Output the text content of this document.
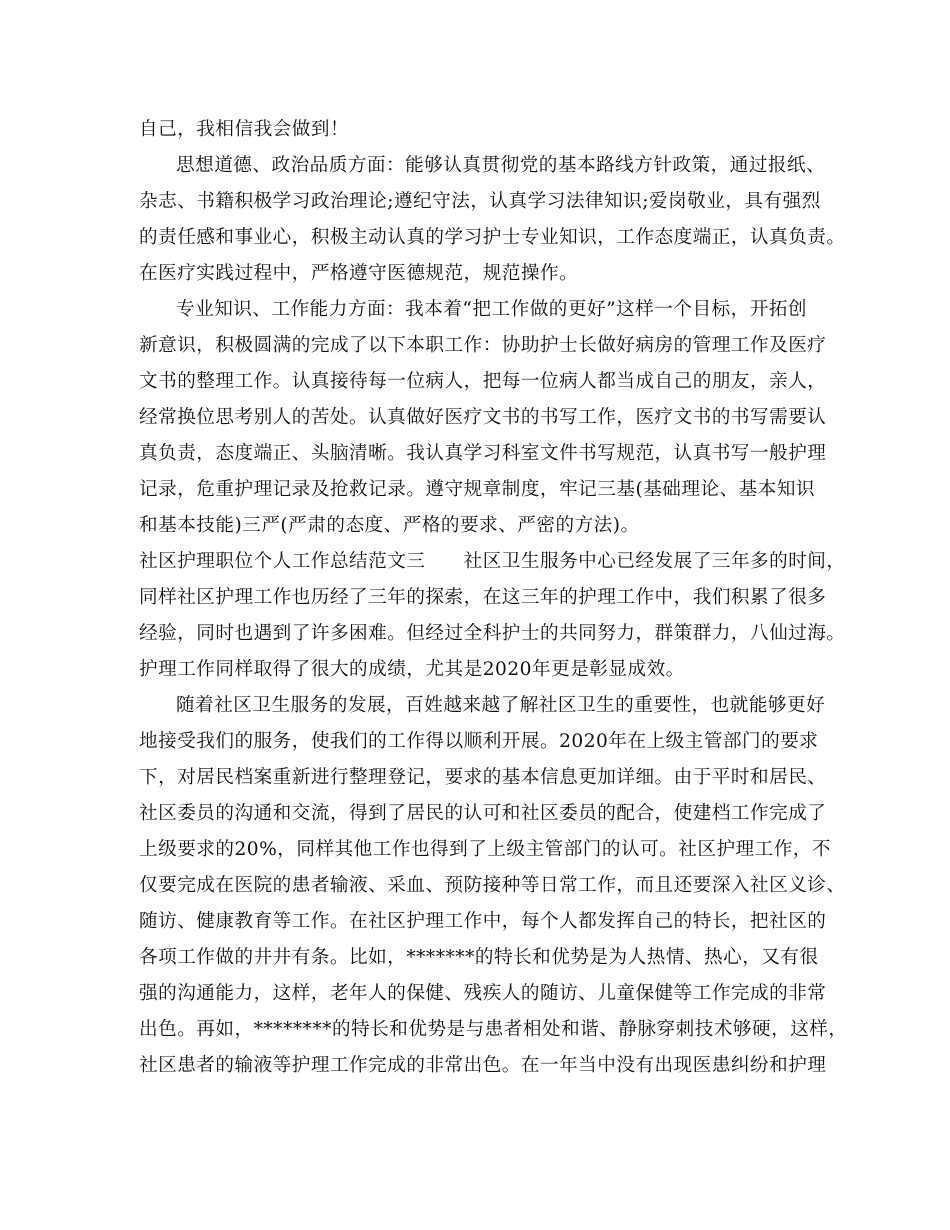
自己，我相信我会做到！
思想道德、政治品质方面：能够认真贯彻党的基本路线方针政策，通过报纸、
杂志、书籍积极学习政治理论;遵纪守法，认真学习法律知识;爱岗敬业，具有强烈
的责任感和事业心，积极主动认真的学习护士专业知识，工作态度端正，认真负责。
在医疗实践过程中，严格遵守医德规范，规范操作。
专业知识、工作能力方面：我本着“把工作做的更好”这样一个目标，开拓创
新意识，积极圆满的完成了以下本职工作：协助护士长做好病房的管理工作及医疗
文书的整理工作。认真接待每一位病人，把每一位病人都当成自己的朋友，亲人，
经常换位思考别人的苦处。认真做好医疗文书的书写工作，医疗文书的书写需要认
真负责，态度端正、头脑清晰。我认真学习科室文件书写规范，认真书写一般护理
记录，危重护理记录及抢救记录。遵守规章制度，牢记三基(基础理论、基本知识
和基本技能)三严(严肃的态度、严格的要求、严密的方法)。
社区护理职位个人工作总结范文三　　社区卫生服务中心已经发展了三年多的时间，
同样社区护理工作也历经了三年的探索，在这三年的护理工作中，我们积累了很多
经验，同时也遇到了许多困难。但经过全科护士的共同努力，群策群力，八仙过海。
护理工作同样取得了很大的成绩，尤其是2020年更是彰显成效。
随着社区卫生服务的发展，百姓越来越了解社区卫生的重要性，也就能够更好
地接受我们的服务，使我们的工作得以顺利开展。2020年在上级主管部门的要求
下，对居民档案重新进行整理登记，要求的基本信息更加详细。由于平时和居民、
社区委员的沟通和交流，得到了居民的认可和社区委员的配合，使建档工作完成了
上级要求的20%，同样其他工作也得到了上级主管部门的认可。社区护理工作，不
仅要完成在医院的患者输液、采血、预防接种等日常工作，而且还要深入社区义诊、
随访、健康教育等工作。在社区护理工作中，每个人都发挥自己的特长，把社区的
各项工作做的井井有条。比如，*******的特长和优势是为人热情、热心，又有很
强的沟通能力，这样，老年人的保健、残疾人的随访、儿童保健等工作完成的非常
出色。再如，********的特长和优势是与患者相处和谐、静脉穿刺技术够硬，这样，
社区患者的输液等护理工作完成的非常出色。在一年当中没有出现医患纠纷和护理
